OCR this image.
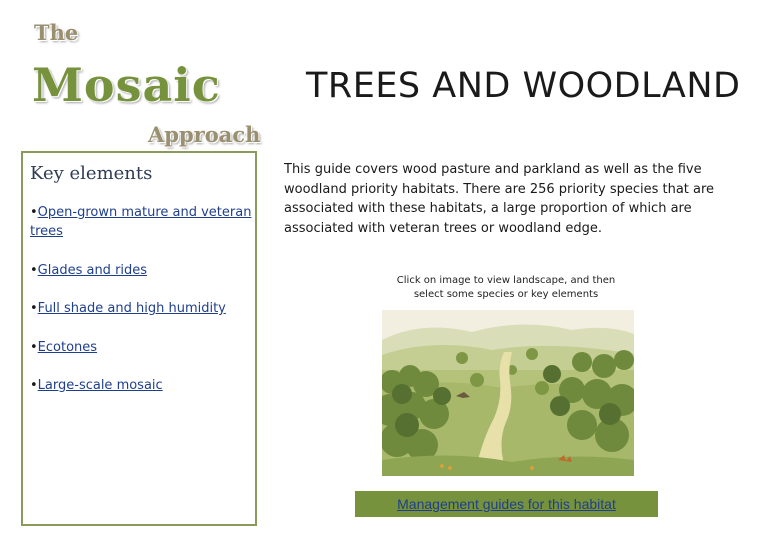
The
Mosaic
Approach
TREES AND WOODLAND
Key elements
•Open-grown mature and veteran trees
•Glades and rides
•Full shade and high humidity
•Ecotones
•Large-scale mosaic
This guide covers wood pasture and parkland as well as the five woodland priority habitats. There are 256 priority species that are associated with these habitats, a large proportion of which are associated with veteran trees or woodland edge.
Click on image to view landscape, and then select some species or key elements
Management guides for this habitat
